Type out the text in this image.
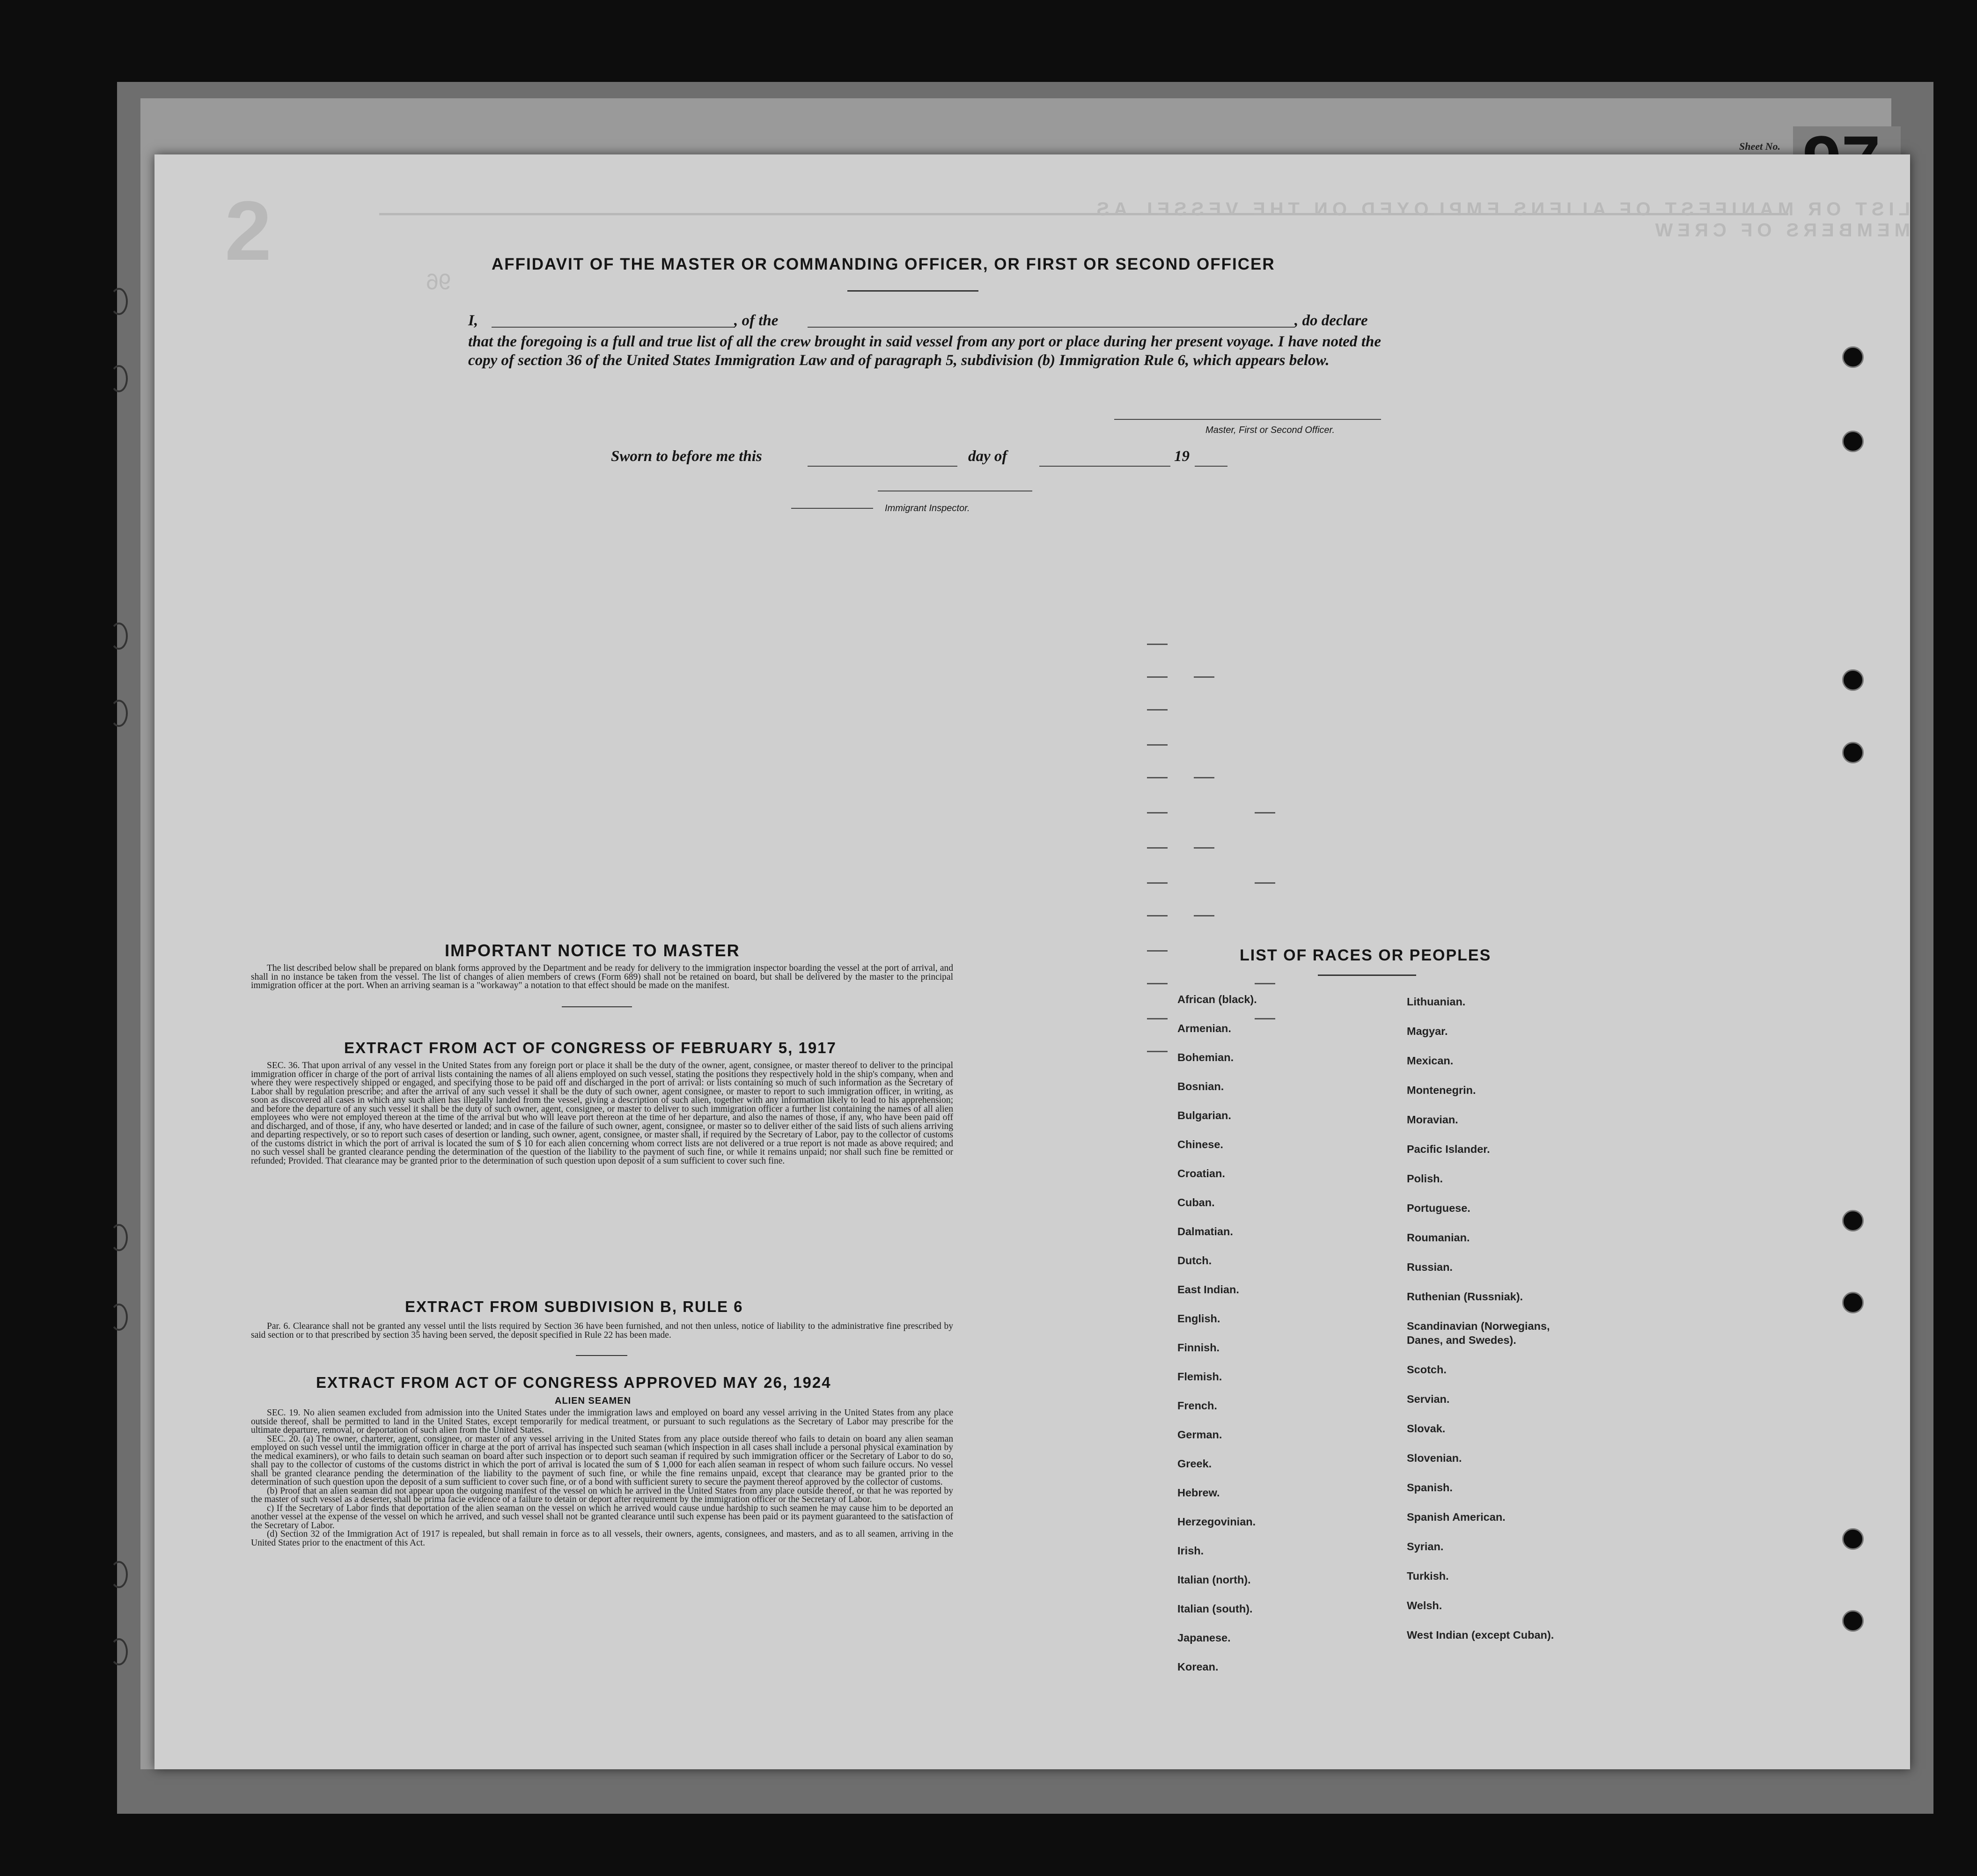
Sheet No.
LIST OR MANIFEST OF ALIENS EMPLOYED ON THE VESSEL AS MEMBERS OF CREW
2
96
AFFIDAVIT OF THE MASTER OR COMMANDING OFFICER, OR FIRST OR SECOND OFFICER
I,	, of the	, do declare
that the foregoing is a full and true list of all the crew brought in said vessel from any port or place during her present voyage. I have noted the copy of section 36 of the United States Immigration Law and of paragraph 5, subdivision (b) Immigration Rule 6, which appears below.
Master, First or Second Officer.
Sworn to before me this	day of	19
Immigrant Inspector.
IMPORTANT NOTICE TO MASTER
The list described below shall be prepared on blank forms approved by the Department and be ready for delivery to the immigration inspector boarding the vessel at the port of arrival, and shall in no instance be taken from the vessel. The list of changes of alien members of crews (Form 689) shall not be retained on board, but shall be delivered by the master to the principal immigration officer at the port. When an arriving seaman is a "workaway" a notation to that effect should be made on the manifest.
EXTRACT FROM ACT OF CONGRESS OF FEBRUARY 5, 1917
SEC. 36. That upon arrival of any vessel in the United States from any foreign port or place it shall be the duty of the owner, agent, consignee, or master thereof to deliver to the principal immigration officer in charge of the port of arrival lists containing the names of all aliens employed on such vessel, stating the positions they respectively hold in the ship's company, when and where they were respectively shipped or engaged, and specifying those to be paid off and discharged in the port of arrival: or lists containing so much of such information as the Secretary of Labor shall by regulation prescribe; and after the arrival of any such vessel it shall be the duty of such owner, agent consignee, or master to report to such immigration officer, in writing, as soon as discovered all cases in which any such alien has illegally landed from the vessel, giving a description of such alien, together with any information likely to lead to his apprehension; and before the departure of any such vessel it shall be the duty of such owner, agent, consignee, or master to deliver to such immigration officer a further list containing the names of all alien employees who were not employed thereon at the time of the arrival but who will leave port thereon at the time of her departure, and also the names of those, if any, who have been paid off and discharged, and of those, if any, who have deserted or landed; and in case of the failure of such owner, agent, consignee, or master so to deliver either of the said lists of such aliens arriving and departing respectively, or so to report such cases of desertion or landing, such owner, agent, consignee, or master shall, if required by the Secretary of Labor, pay to the collector of customs of the customs district in which the port of arrival is located the sum of $ 10 for each alien concerning whom correct lists are not delivered or a true report is not made as above required; and no such vessel shall be granted clearance pending the determination of the question of the liability to the payment of such fine, or while it remains unpaid; nor shall such fine be remitted or refunded; Provided. That clearance may be granted prior to the determination of such question upon deposit of a sum sufficient to cover such fine.
EXTRACT FROM SUBDIVISION B, RULE 6
Par. 6. Clearance shall not be granted any vessel until the lists required by Section 36 have been furnished, and not then unless, notice of liability to the administrative fine prescribed by said section or to that prescribed by section 35 having been served, the deposit specified in Rule 22 has been made.
EXTRACT FROM ACT OF CONGRESS APPROVED MAY 26, 1924
ALIEN SEAMEN
SEC. 19. No alien seamen excluded from admission into the United States under the immigration laws and employed on board any vessel arriving in the United States from any place outside thereof, shall be permitted to land in the United States, except temporarily for medical treatment, or pursuant to such regulations as the Secretary of Labor may prescribe for the ultimate departure, removal, or deportation of such alien from the United States.
SEC. 20. (a) The owner, charterer, agent, consignee, or master of any vessel arriving in the United States from any place outside thereof who fails to detain on board any alien seaman employed on such vessel until the immigration officer in charge at the port of arrival has inspected such seaman (which inspection in all cases shall include a personal physical examination by the medical examiners), or who fails to detain such seaman on board after such inspection or to deport such seaman if required by such immigration officer or the Secretary of Labor to do so, shall pay to the collector of customs of the customs district in which the port of arrival is located the sum of $ 1,000 for each alien seaman in respect of whom such failure occurs. No vessel shall be granted clearance pending the determination of the liability to the payment of such fine, or while the fine remains unpaid, except that clearance may be granted prior to the determination of such question upon the deposit of a sum sufficient to cover such fine, or of a bond with sufficient surety to secure the payment thereof approved by the collector of customs.
(b) Proof that an alien seaman did not appear upon the outgoing manifest of the vessel on which he arrived in the United States from any place outside thereof, or that he was reported by the master of such vessel as a deserter, shall be prima facie evidence of a failure to detain or deport after requirement by the immigration officer or the Secretary of Labor.
c) If the Secretary of Labor finds that deportation of the alien seaman on the vessel on which he arrived would cause undue hardship to such seamen he may cause him to be deported an another vessel at the expense of the vessel on which he arrived, and such vessel shall not be granted clearance until such expense has been paid or its payment guaranteed to the satisfaction of the Secretary of Labor.
(d) Section 32 of the Immigration Act of 1917 is repealed, but shall remain in force as to all vessels, their owners, agents, consignees, and masters, and as to all seamen, arriving in the United States prior to the enactment of this Act.
LIST OF RACES OR PEOPLES
African (black).
Armenian.
Bohemian.
Bosnian.
Bulgarian.
Chinese.
Croatian.
Cuban.
Dalmatian.
Dutch.
East Indian.
English.
Finnish.
Flemish.
French.
German.
Greek.
Hebrew.
Herzegovinian.
Irish.
Italian (north).
Italian (south).
Japanese.
Korean.
Lithuanian.
Magyar.
Mexican.
Montenegrin.
Moravian.
Pacific Islander.
Polish.
Portuguese.
Roumanian.
Russian.
Ruthenian (Russniak).
Scandinavian (Norwegians, Danes, and Swedes).
Scotch.
Servian.
Slovak.
Slovenian.
Spanish.
Spanish American.
Syrian.
Turkish.
Welsh.
West Indian (except Cuban).
